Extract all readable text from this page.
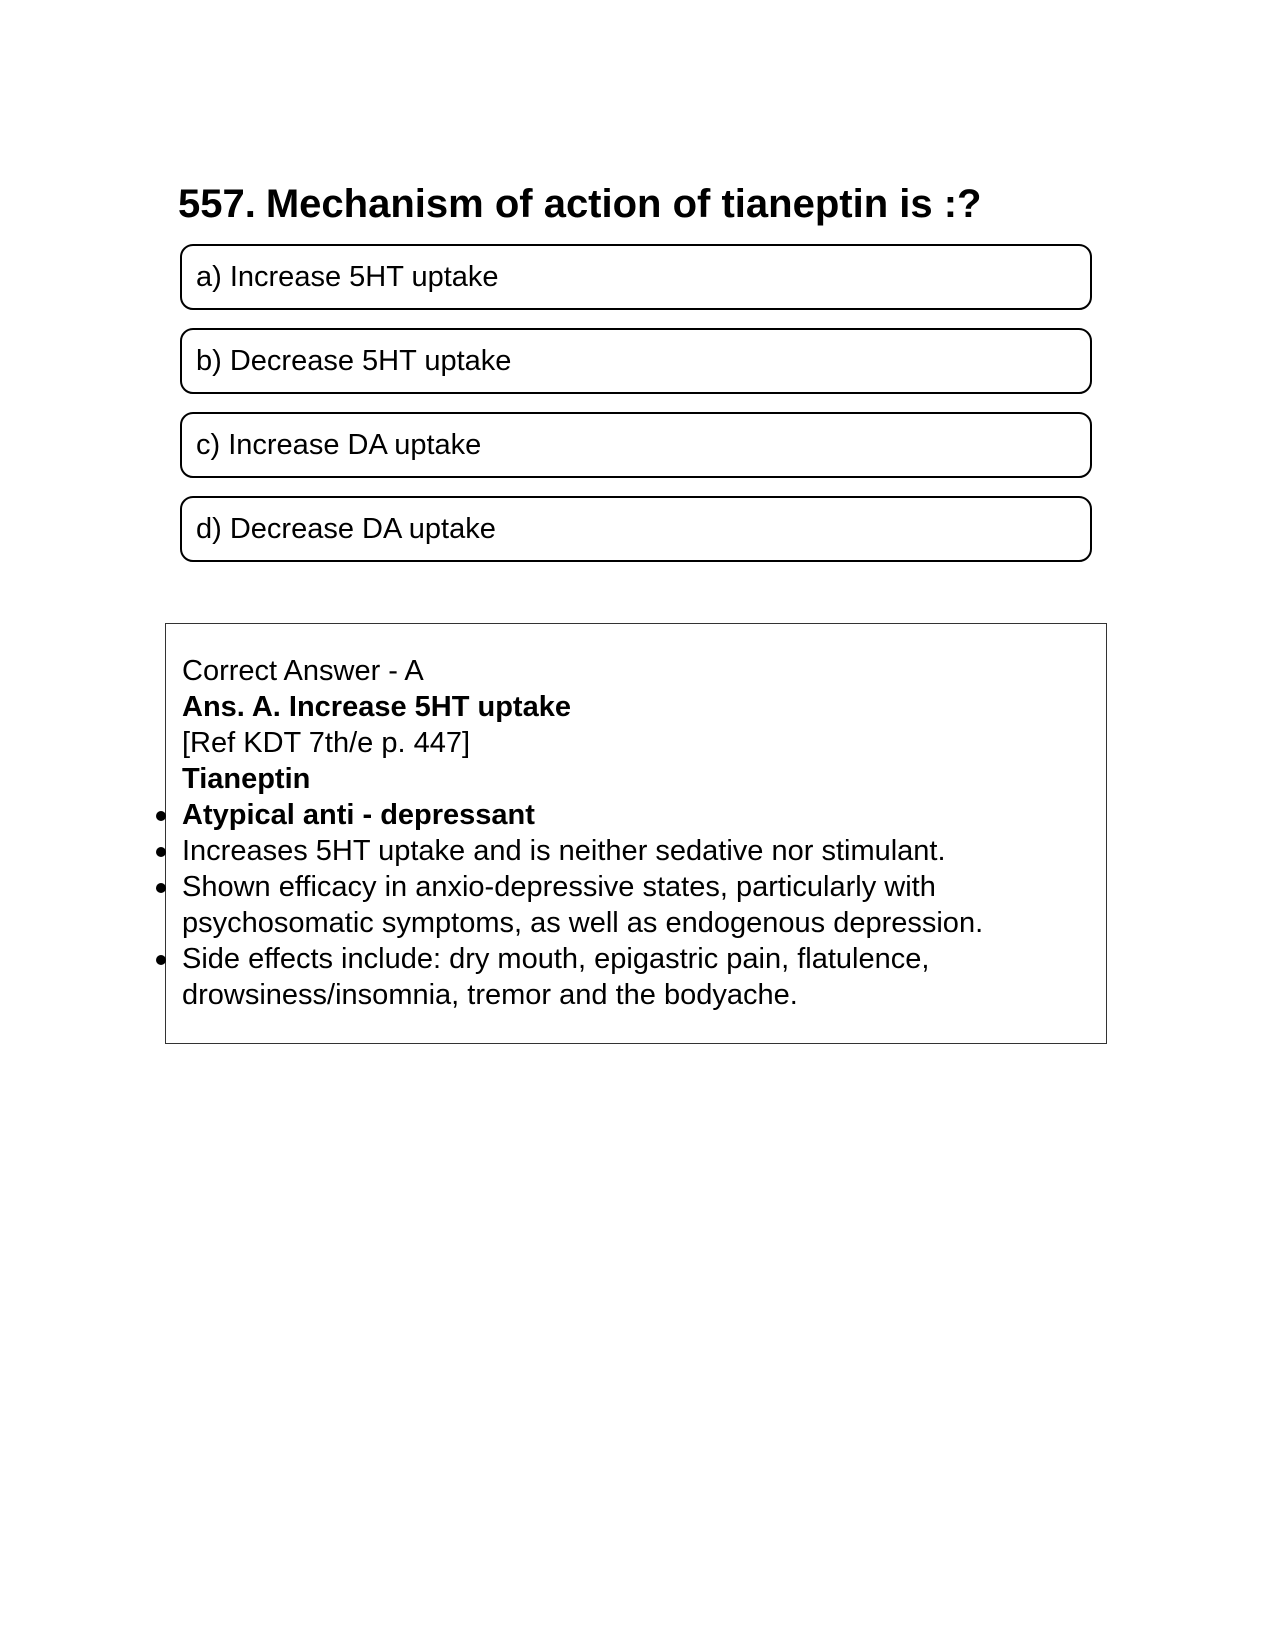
557. Mechanism of action of tianeptin is :?
a) Increase 5HT uptake
b) Decrease 5HT uptake
c) Increase DA uptake
d) Decrease DA uptake
Correct Answer - A
Ans. A. Increase 5HT uptake
[Ref KDT 7th/e p. 447]
Tianeptin
Atypical anti - depressant
Increases 5HT uptake and is neither sedative nor stimulant.
Shown efficacy in anxio-depressive states, particularly with psychosomatic symptoms, as well as endogenous depression.
Side effects include: dry mouth, epigastric pain, flatulence, drowsiness/insomnia, tremor and the bodyache.
